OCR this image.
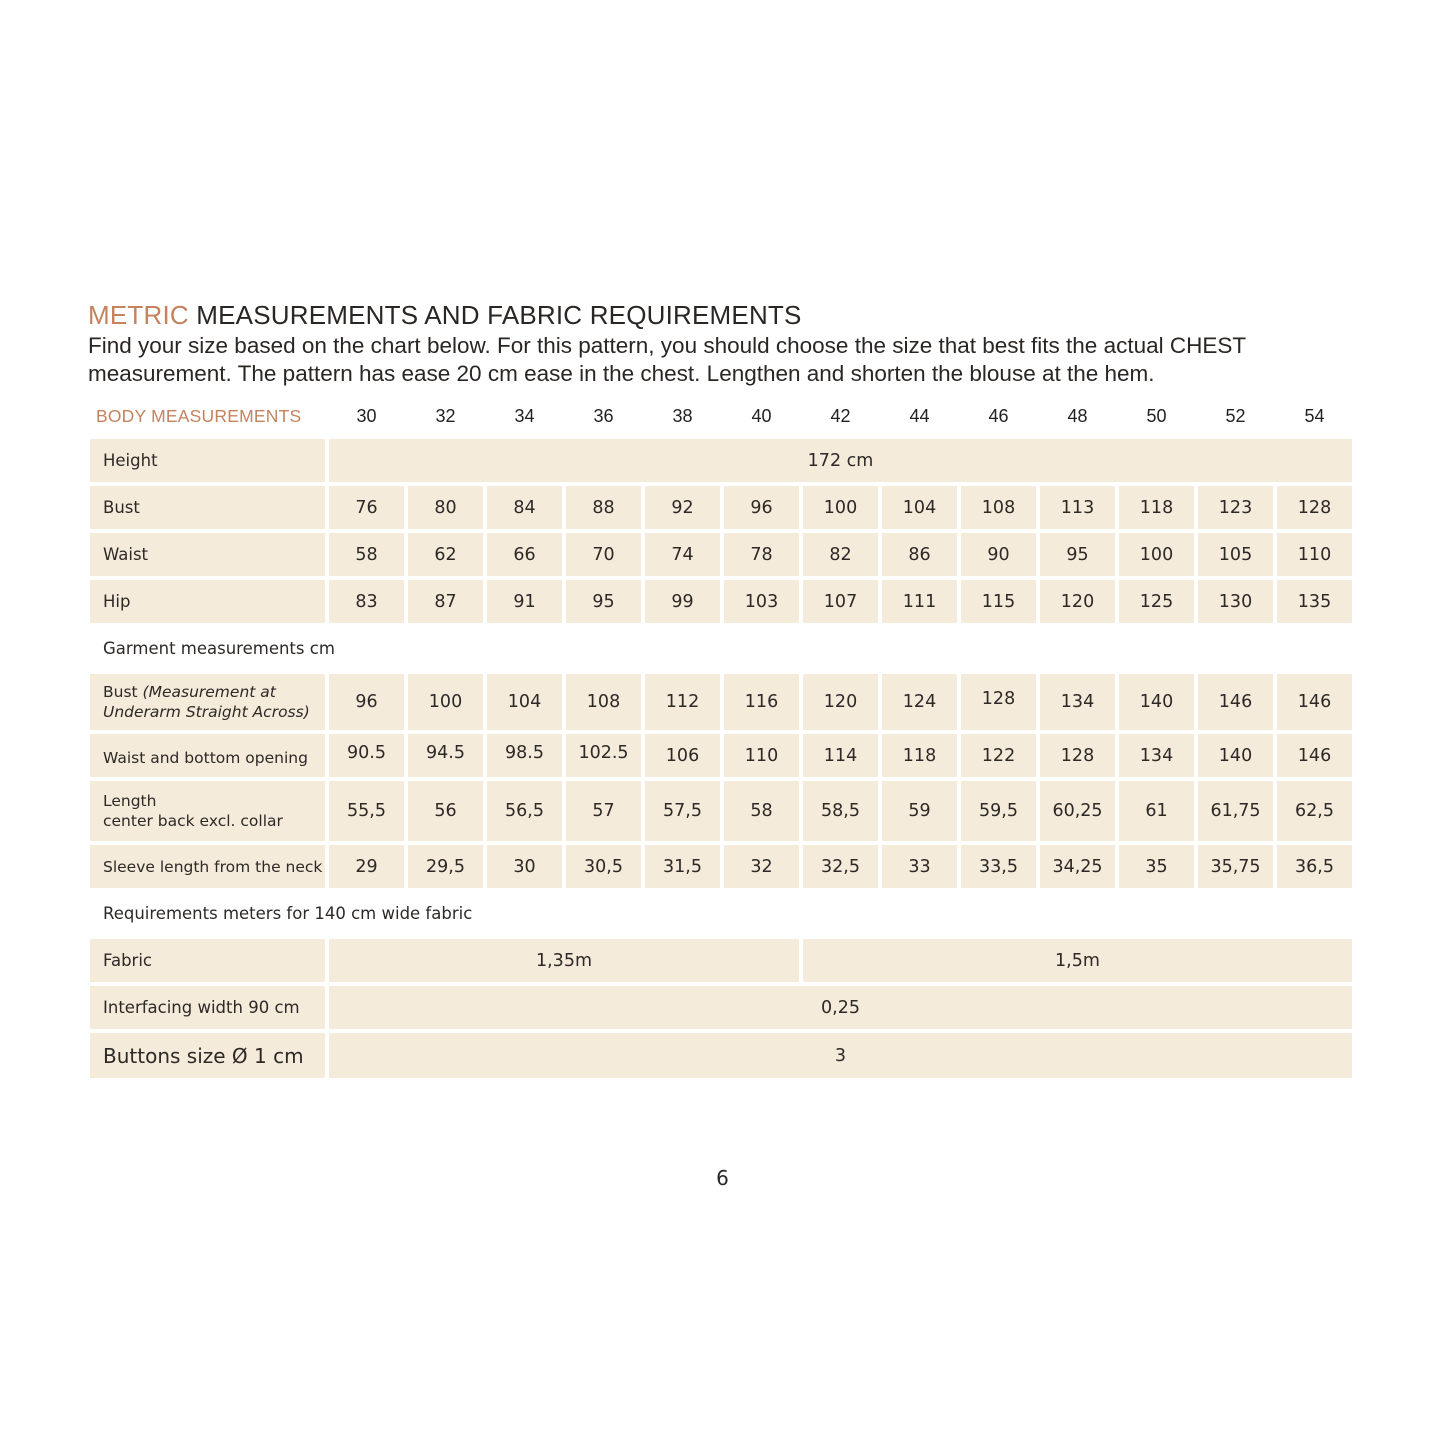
METRIC MEASUREMENTS AND FABRIC REQUIREMENTS
Find your size based on the chart below. For this pattern, you should choose the size that best fits the actual CHEST
measurement. The pattern has ease 20 cm ease in the chest. Lengthen and shorten the blouse at the hem.
BODY MEASUREMENTS	30	32	34	36	38	40	42	44	46	48	50	52	54
Height	172 cm												
Bust	76	80	84	88	92	96	100	104	108	113	118	123	128
Waist	58	62	66	70	74	78	82	86	90	95	100	105	110
Hip	83	87	91	95	99	103	107	111	115	120	125	130	135
Garment measurements cm													
Bust (Measurement at
Underarm Straight Across)	96	100	104	108	112	116	120	124	128	134	140	146	146
Waist and bottom opening	90.5	94.5	98.5	102.5	106	110	114	118	122	128	134	140	146
Length
center back excl. collar	55,5	56	56,5	57	57,5	58	58,5	59	59,5	60,25	61	61,75	62,5
Sleeve length from the neck	29	29,5	30	30,5	31,5	32	32,5	33	33,5	34,25	35	35,75	36,5
Requirements meters for 140 cm wide fabric													
Fabric	1,35m						1,5m						
Interfacing width 90 cm	0,25												
Buttons size Ø 1 cm	3												
6
